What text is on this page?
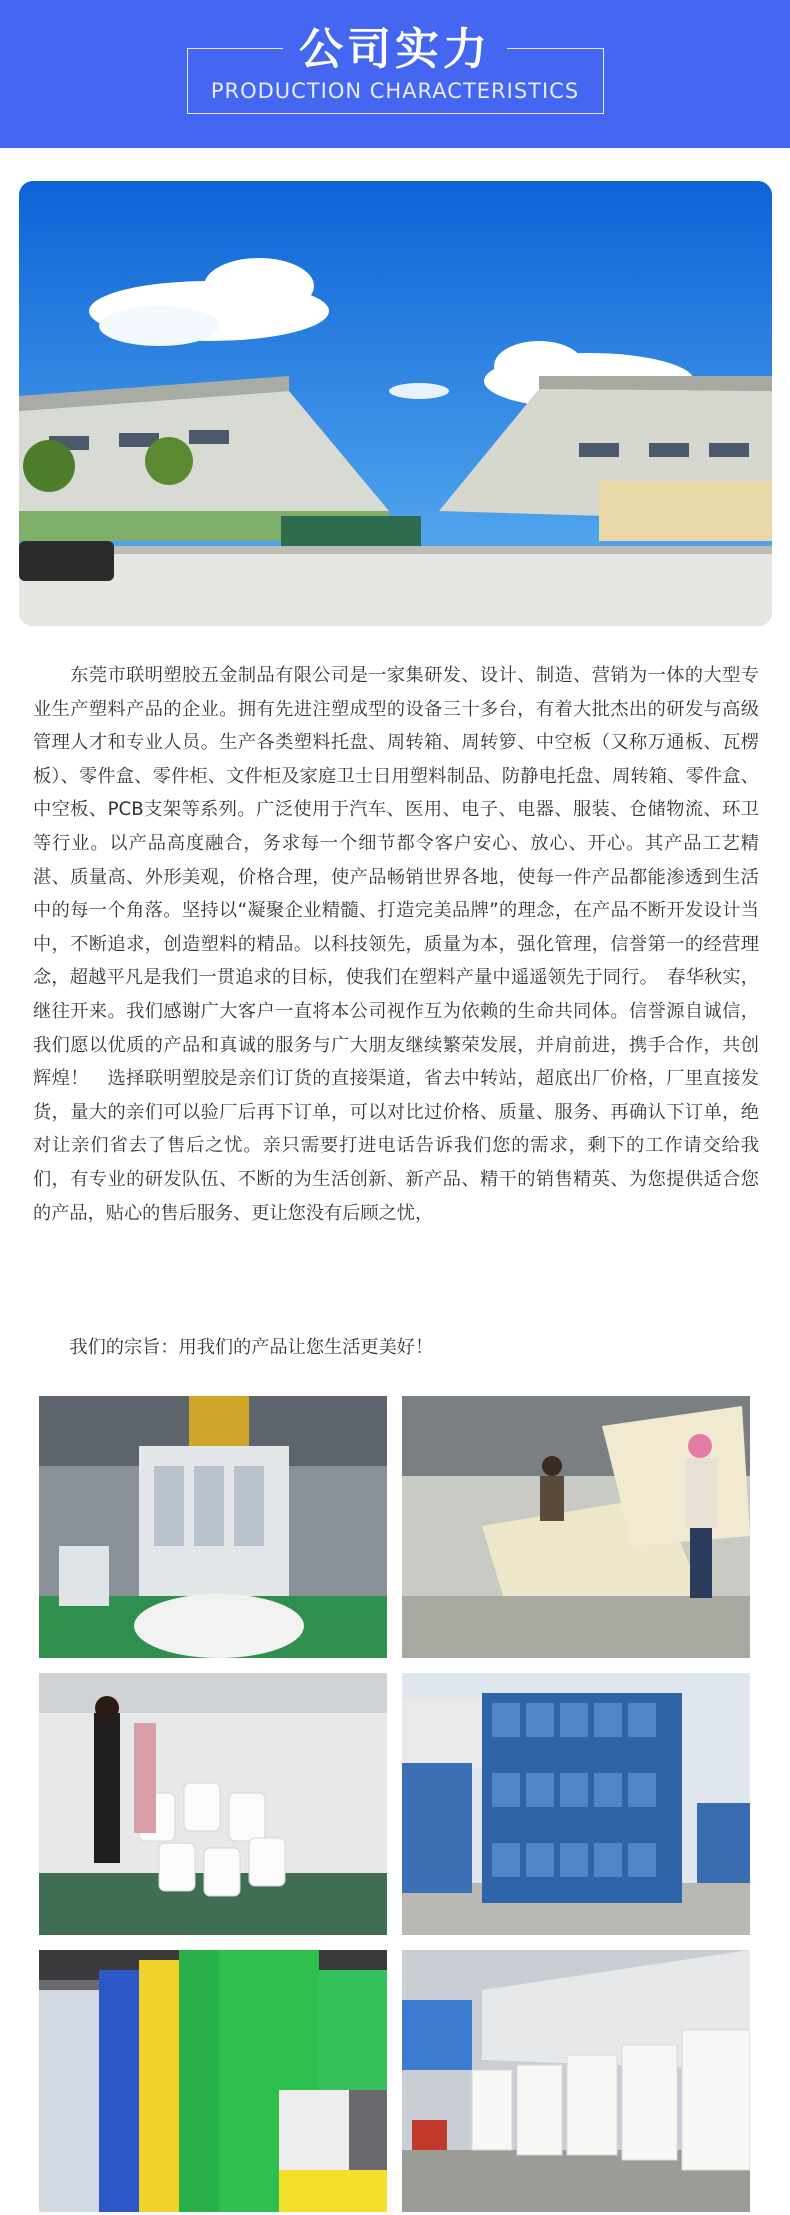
公司实力
PRODUCTION CHARACTERISTICS

　　东莞市联明塑胶五金制品有限公司是一家集研发、设计、制造、营销为一体的大型专业生产塑料产品的企业。拥有先进注塑成型的设备三十多台，有着大批杰出的研发与高级管理人才和专业人员。生产各类塑料托盘、周转箱、周转箩、中空板（又称万通板、瓦楞板）、零件盒、零件柜、文件柜及家庭卫士日用塑料制品、防静电托盘、周转箱、零件盒、中空板、PCB支架等系列。广泛使用于汽车、医用、电子、电器、服装、仓储物流、环卫等行业。以产品高度融合，务求每一个细节都令客户安心、放心、开心。其产品工艺精湛、质量高、外形美观，价格合理，使产品畅销世界各地，使每一件产品都能渗透到生活中的每一个角落。坚持以“凝聚企业精髓、打造完美品牌”的理念，在产品不断开发设计当中，不断追求，创造塑料的精品。以科技领先，质量为本，强化管理，信誉第一的经营理念，超越平凡是我们一贯追求的目标，使我们在塑料产量中遥遥领先于同行。　春华秋实，继往开来。我们感谢广大客户一直将本公司视作互为依赖的生命共同体。信誉源自诚信，我们愿以优质的产品和真诚的服务与广大朋友继续繁荣发展，并肩前进，携手合作，共创辉煌！　选择联明塑胶是亲们订货的直接渠道，省去中转站，超底出厂价格，厂里直接发货，量大的亲们可以验厂后再下订单，可以对比过价格、质量、服务、再确认下订单，绝对让亲们省去了售后之忧。亲只需要打进电话告诉我们您的需求，剩下的工作请交给我们，有专业的研发队伍、不断的为生活创新、新产品、精干的销售精英、为您提供适合您的产品，贴心的售后服务、更让您没有后顾之忧，

　　我们的宗旨：用我们的产品让您生活更美好！
